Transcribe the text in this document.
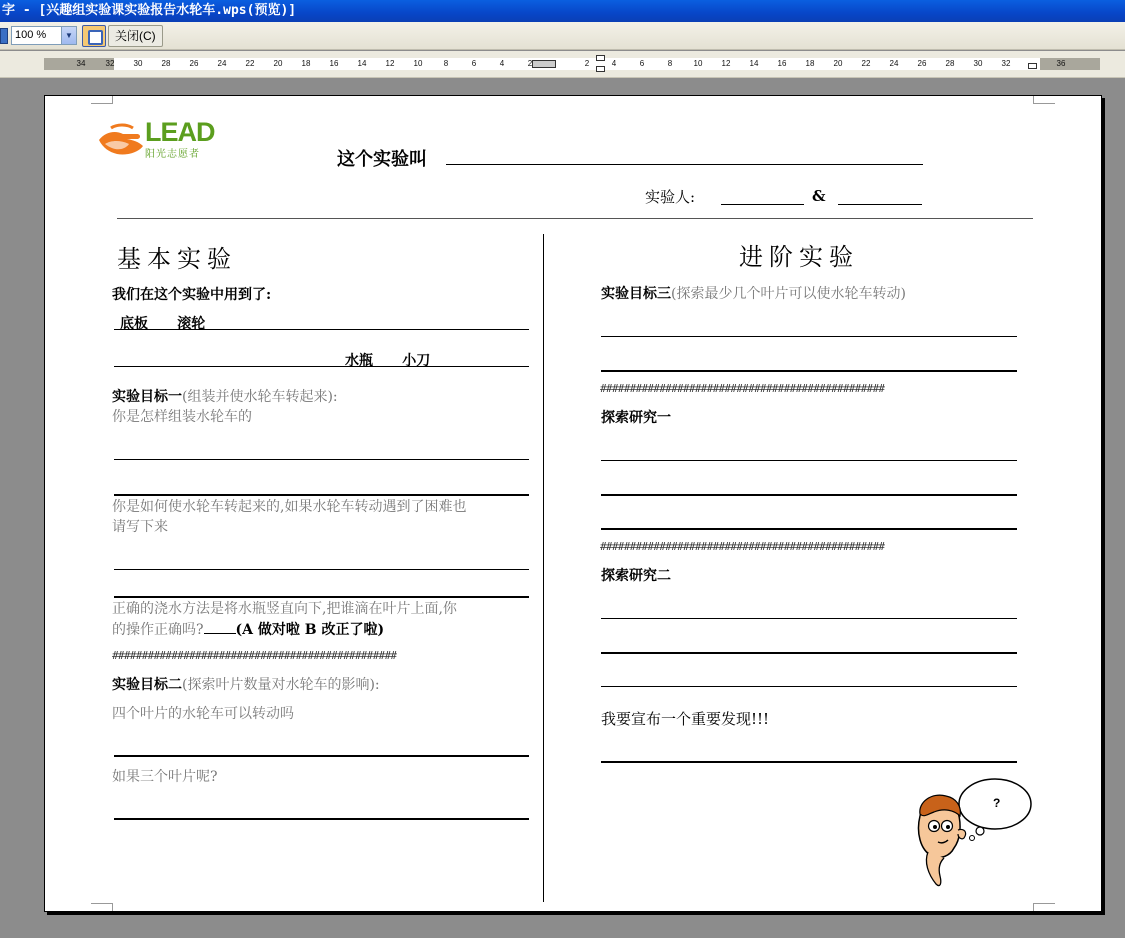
字 - [兴趣组实验课实验报告水轮车.wps(预览)]
100 %	▼	关闭(C)
34	32 30 28 26 24 22 20 18 16 14 12 10	8	6	4	2	2	4	6	8	10 12 14 16 18 20 22 24 26 28 30 32	36
LEAD
阳光志愿者	这个实验叫
实验人:	&
基本实验
我们在这个实验中用到了:
底板      滚轮
水瓶      小刀
实验目标一(组装并使水轮车转起来):
你是怎样组装水轮车的
你是如何使水轮车转起来的,如果水轮车转动遇到了困难也
请写下来
正确的浇水方法是将水瓶竖直向下,把谁滴在叶片上面,你
的操作正确吗? (A 做对啦 B 改正了啦)
################################################
实验目标二(探索叶片数量对水轮车的影响):
四个叶片的水轮车可以转动吗
如果三个叶片呢?
进阶实验
实验目标三(探索最少几个叶片可以使水轮车转动)
################################################
探索研究一
################################################
探索研究二
我要宣布一个重要发现!!!
?
